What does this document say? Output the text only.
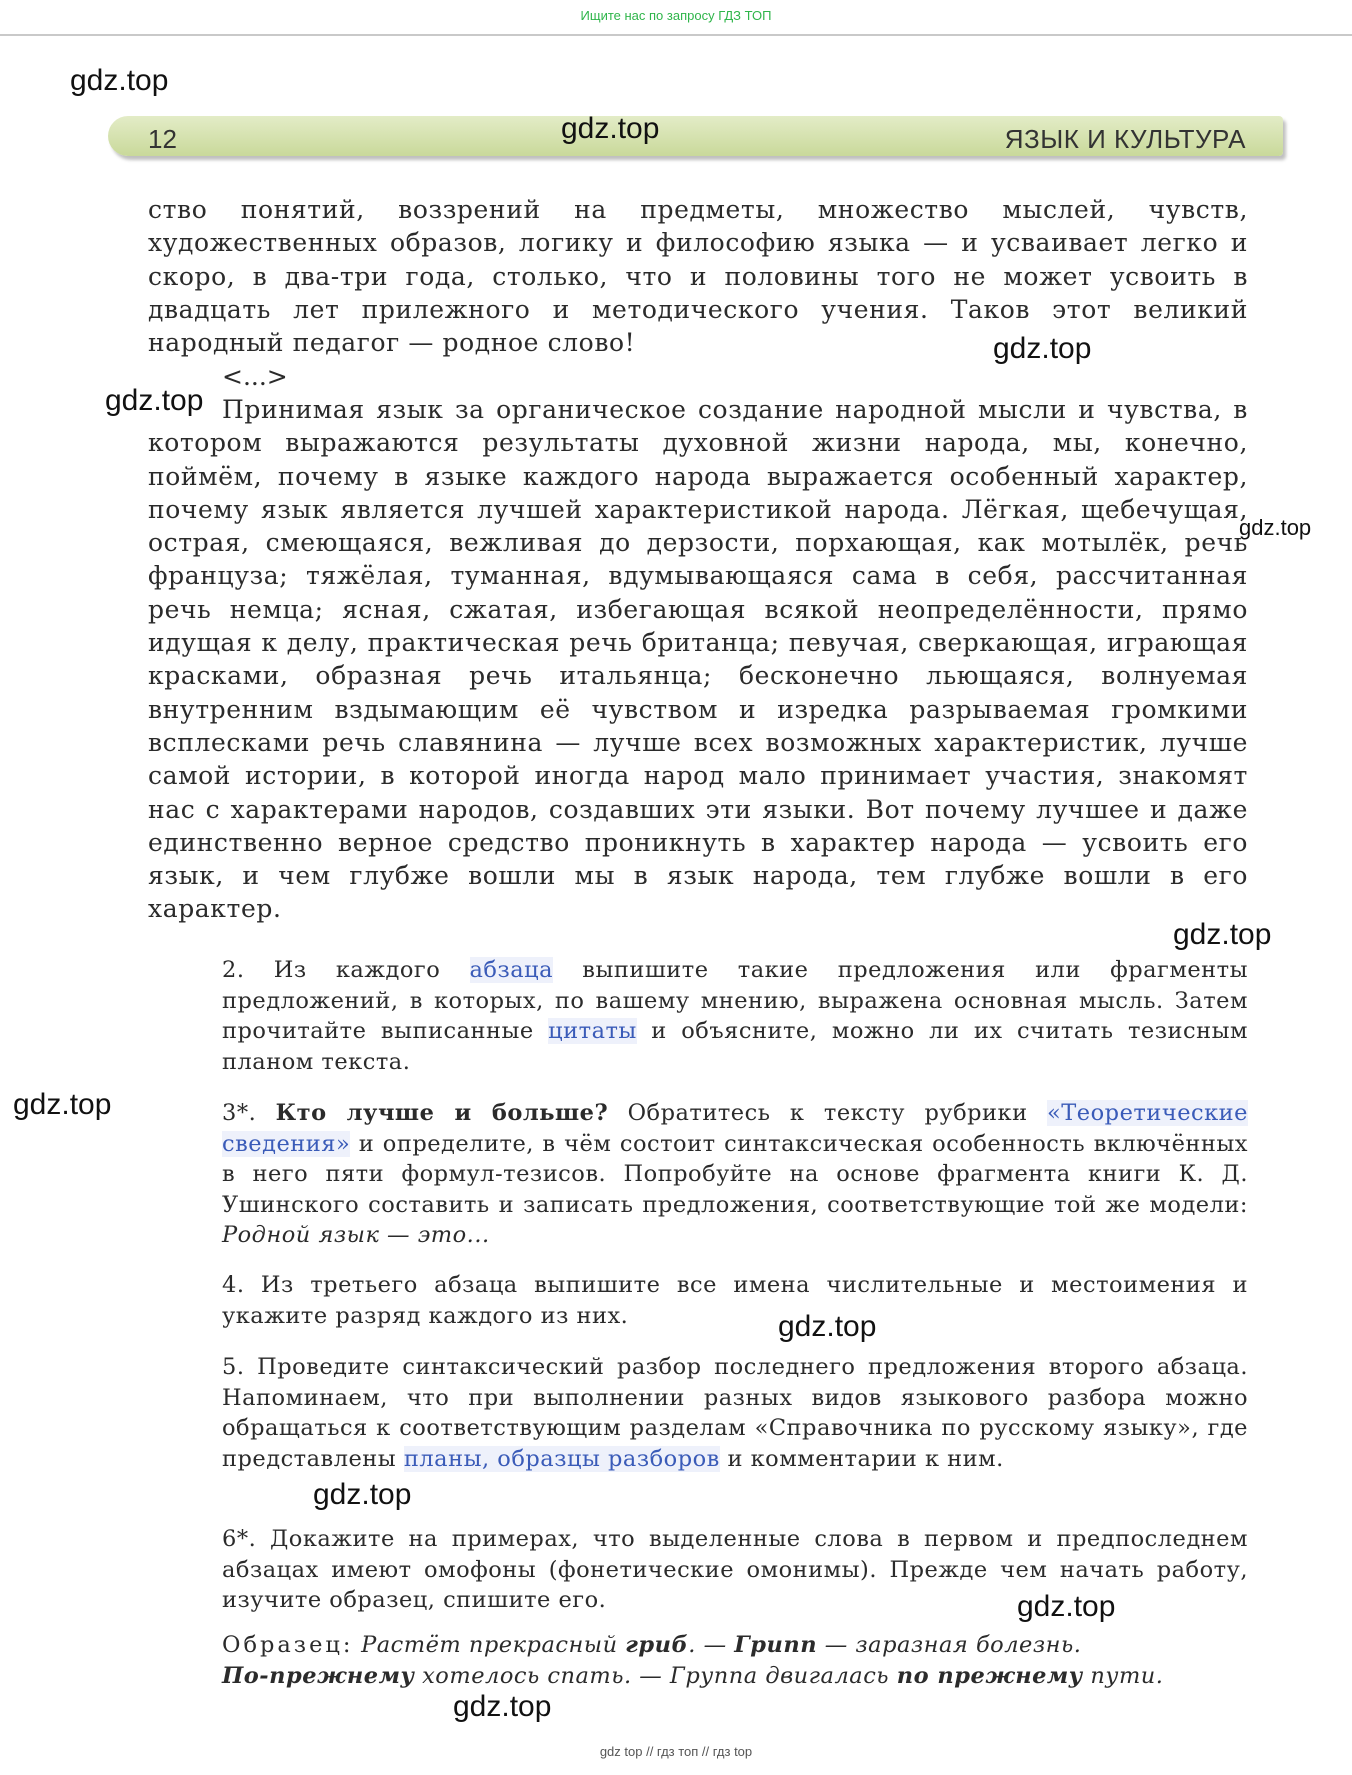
Ищите нас по запросу ГДЗ ТОП
12	ЯЗЫК И КУЛЬТУРА
ство понятий, воззрений на предметы, множество мыслей, чувств, художественных образов, логику и философию языка — и усваивает легко и скоро, в два-три года, столько, что и половины того не может усвоить в двадцать лет прилежного и методического учения. Таков этот великий народный педагог — родное слово!
<...>
Принимая язык за органическое создание народной мысли и чувства, в котором выражаются результаты духовной жизни народа, мы, конечно, поймём, почему в языке каждого народа выражается особенный характер, почему язык является лучшей характеристикой народа. Лёгкая, щебечущая, острая, смеющаяся, вежливая до дерзости, порхающая, как мотылёк, речь француза; тяжёлая, туманная, вдумывающаяся сама в себя, рассчитанная речь немца; ясная, сжатая, избегающая всякой неопределённости, прямо идущая к делу, практическая речь британца; певучая, сверкающая, играющая красками, образная речь итальянца; бесконечно льющаяся, волнуемая внутренним вздымающим её чувством и изредка разрываемая громкими всплесками речь славянина — лучше всех возможных характеристик, лучше самой истории, в которой иногда народ мало принимает участия, знакомят нас с характерами народов, создавших эти языки. Вот почему лучшее и даже единственно верное средство проникнуть в характер народа — усвоить его язык, и чем глубже вошли мы в язык народа, тем глубже вошли в его характер.
2. Из каждого абзаца выпишите такие предложения или фрагменты предложений, в которых, по вашему мнению, выражена основная мысль. Затем прочитайте выписанные цитаты и объясните, можно ли их считать тезисным планом текста.
3*. Кто лучше и больше? Обратитесь к тексту рубрики «Теоретические сведения» и определите, в чём состоит синтаксическая особенность включённых в него пяти формул-тезисов. Попробуйте на основе фрагмента книги К. Д. Ушинского составить и записать предложения, соответствующие той же модели: Родной язык — это...
4. Из третьего абзаца выпишите все имена числительные и местоимения и укажите разряд каждого из них.
5. Проведите синтаксический разбор последнего предложения второго абзаца. Напоминаем, что при выполнении разных видов языкового разбора можно обращаться к соответствующим разделам «Справочника по русскому языку», где представлены планы, образцы разборов и комментарии к ним.
6*. Докажите на примерах, что выделенные слова в первом и предпоследнем абзацах имеют омофоны (фонетические омонимы). Прежде чем начать работу, изучите образец, спишите его.
Образец: Растёт прекрасный гриб. — Грипп — заразная болезнь.
По-прежнему хотелось спать. — Группа двигалась по прежнему пути.
gdz.top
gdz.top
gdz.top
gdz.top
gdz.top
gdz.top
gdz.top
gdz.top
gdz.top
gdz.top
gdz.top
gdz top // гдз топ // гдз top
